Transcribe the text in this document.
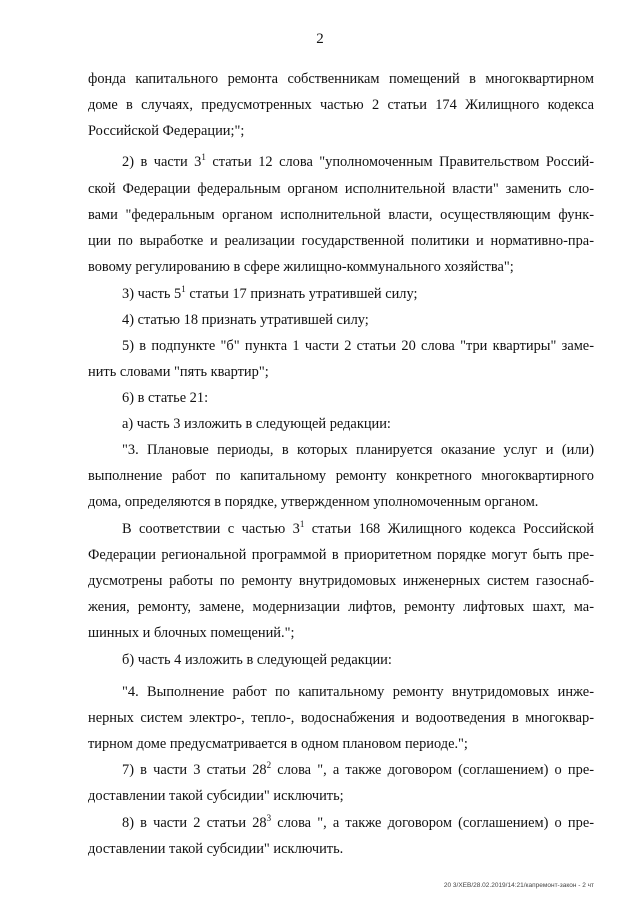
2
фонда капитального ремонта собственникам помещений в многоквартирном
доме в случаях, предусмотренных частью 2 статьи 174 Жилищного кодекса
Российской Федерации;";
2) в части $3^1$ статьи 12 слова "уполномоченным Правительством Россий-
ской Федерации федеральным органом исполнительной власти" заменить сло-
вами "федеральным органом исполнительной власти, осуществляющим функ-
ции по выработке и реализации государственной политики и нормативно-пра-
вовому регулированию в сфере жилищно-коммунального хозяйства";
3) часть $5^1$ статьи 17 признать утратившей силу;
4) статью 18 признать утратившей силу;
5) в подпункте "б" пункта 1 части 2 статьи 20 слова "три квартиры" заме-
нить словами "пять квартир";
6) в статье 21:
а) часть 3 изложить в следующей редакции:
"3. Плановые периоды, в которых планируется оказание услуг и (или)
выполнение работ по капитальному ремонту конкретного многоквартирного
дома, определяются в порядке, утвержденном уполномоченным органом.
В соответствии с частью $3^1$ статьи 168 Жилищного кодекса Российской
Федерации региональной программой в приоритетном порядке могут быть пре-
дусмотрены работы по ремонту внутридомовых инженерных систем газоснаб-
жения, ремонту, замене, модернизации лифтов, ремонту лифтовых шахт, ма-
шинных и блочных помещений.";
б) часть 4 изложить в следующей редакции:
"4. Выполнение работ по капитальному ремонту внутридомовых инже-
нерных систем электро-, тепло-, водоснабжения и водоотведения в многоквар-
тирном доме предусматривается в одном плановом периоде.";
7) в части 3 статьи $28^2$ слова ", а также договором (соглашением) о пре-
доставлении такой субсидии" исключить;
8) в части 2 статьи $28^3$ слова ", а также договором (соглашением) о пре-
доставлении такой субсидии" исключить.
20 3/ХЕВ/28.02.2019/14:21/капремонт-закон - 2 чт
